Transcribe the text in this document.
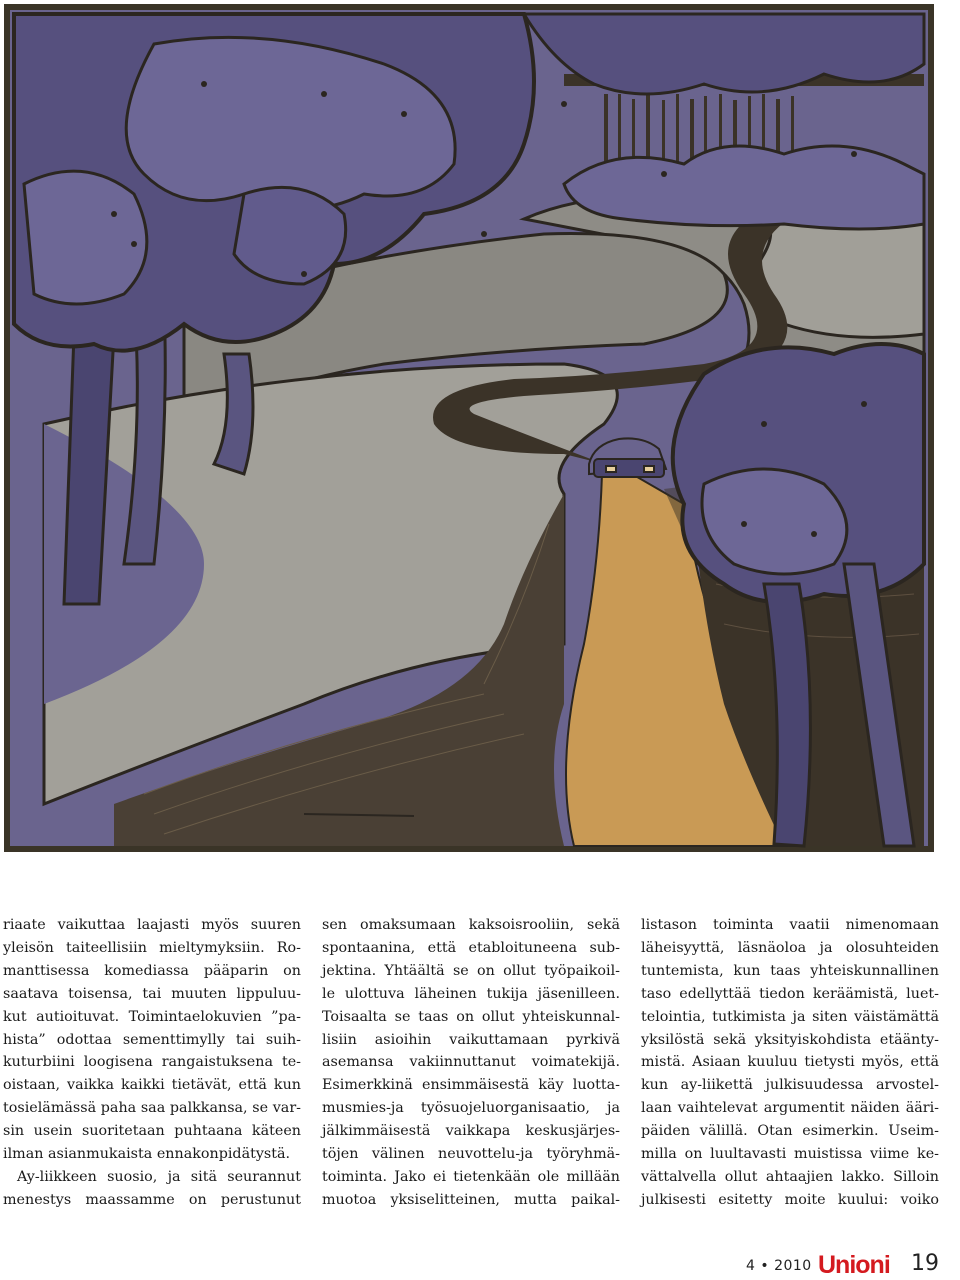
riaate vaikuttaa laajasti myös suuren
yleisön taiteellisiin mieltymyksiin. Ro-
manttisessa komediassa pääparin on
saatava toisensa, tai muuten lippuluu-
kut autioituvat. Toimintaelokuvien ”pa-
hista” odottaa sementtimylly tai suih-
kuturbiini loogisena rangaistuksena te-
oistaan, vaikka kaikki tietävät, että kun
tosielämässä paha saa palkkansa, se var-
sin usein suoritetaan puhtaana käteen
ilman asianmukaista ennakonpidätystä.

Ay-liikkeen suosio, ja sitä seurannut
menestys maassamme on perustunut

sen omaksumaan kaksoisrooliin, sekä
spontaanina, että etabloituneena sub-
jektina. Yhtäältä se on ollut työpaikoil-
le ulottuva läheinen tukija jäsenilleen.
Toisaalta se taas on ollut yhteiskunnal-
lisiin asioihin vaikuttamaan pyrkivä
asemansa vakiinnuttanut voimatekijä.
Esimerkkinä ensimmäisestä käy luotta-
musmies-ja työsuojeluorganisaatio, ja
jälkimmäisestä vaikkapa keskusjärjes-
töjen välinen neuvottelu-ja työryhmä-
toiminta. Jako ei tietenkään ole millään
muotoa yksiselitteinen, mutta paikal-

listason toiminta vaatii nimenomaan
läheisyyttä, läsnäoloa ja olosuhteiden
tuntemista, kun taas yhteiskunnallinen
taso edellyttää tiedon keräämistä, luet-
telointia, tutkimista ja siten väistämättä
yksilöstä sekä yksityiskohdista etäänty-
mistä. Asiaan kuuluu tietysti myös, että
kun ay-liikettä julkisuudessa arvostel-
laan vaihtelevat argumentit näiden ääri-
päiden välillä. Otan esimerkin. Useim-
milla on luultavasti muistissa viime ke-
vättalvella ollut ahtaajien lakko. Silloin
julkisesti esitetty moite kuului: voiko

4 • 2010 Unioni 19
